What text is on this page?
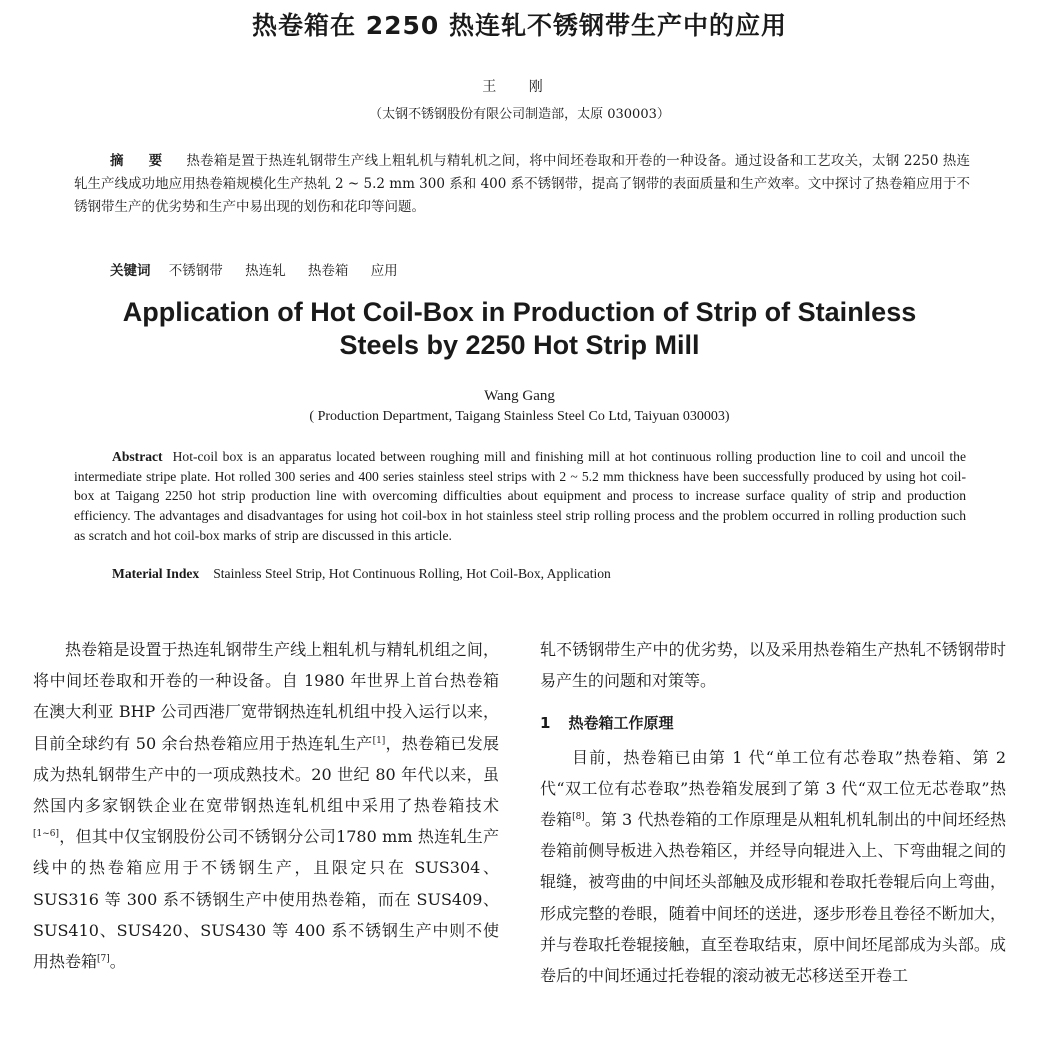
热卷箱在 2250 热连轧不锈钢带生产中的应用
王 刚
（太钢不锈钢股份有限公司制造部，太原 030003）
摘 要 热卷箱是置于热连轧钢带生产线上粗轧机与精轧机之间，将中间坯卷取和开卷的一种设备。通过设备和工艺攻关，太钢 2250 热连轧生产线成功地应用热卷箱规模化生产热轧 2 ~ 5.2 mm 300 系和 400 系不锈钢带，提高了钢带的表面质量和生产效率。文中探讨了热卷箱应用于不锈钢带生产的优劣势和生产中易出现的划伤和花印等问题。
关键词 不锈钢带 热连轧 热卷箱 应用
Application of Hot Coil-Box in Production of Strip of Stainless
Steels by 2250 Hot Strip Mill
Wang Gang
( Production Department, Taigang Stainless Steel Co Ltd, Taiyuan 030003)
Abstract Hot-coil box is an apparatus located between roughing mill and finishing mill at hot continuous rolling production line to coil and uncoil the intermediate stripe plate. Hot rolled 300 series and 400 series stainless steel strips with 2 ~ 5.2 mm thickness have been successfully produced by using hot coil-box at Taigang 2250 hot strip production line with overcoming difficulties about equipment and process to increase surface quality of strip and production efficiency. The advantages and disadvantages for using hot coil-box in hot stainless steel strip rolling process and the problem occurred in rolling production such as scratch and hot coil-box marks of strip are discussed in this article.
Material Index Stainless Steel Strip, Hot Continuous Rolling, Hot Coil-Box, Application

热卷箱是设置于热连轧钢带生产线上粗轧机与精轧机组之间，将中间坯卷取和开卷的一种设备。自 1980 年世界上首台热卷箱在澳大利亚 BHP 公司西港厂宽带钢热连轧机组中投入运行以来，目前全球约有 50 余台热卷箱应用于热连轧生产[1]，热卷箱已发展成为热轧钢带生产中的一项成熟技术。20 世纪 80 年代以来，虽然国内多家钢铁企业在宽带钢热连轧机组中采用了热卷箱技术[1~6]，但其中仅宝钢股份公司不锈钢分公司1780 mm 热连轧生产线中的热卷箱应用于不锈钢生产，且限定只在 SUS304、SUS316 等 300 系不锈钢生产中使用热卷箱，而在 SUS409、SUS410、SUS420、SUS430 等 400 系不锈钢生产中则不使用热卷箱[7]。

轧不锈钢带生产中的优劣势，以及采用热卷箱生产热轧不锈钢带时易产生的问题和对策等。

1 热卷箱工作原理

目前，热卷箱已由第 1 代“单工位有芯卷取”热卷箱、第 2 代“双工位有芯卷取”热卷箱发展到了第 3 代“双工位无芯卷取”热卷箱[8]。第 3 代热卷箱的工作原理是从粗轧机轧制出的中间坯经热卷箱前侧导板进入热卷箱区，并经导向辊进入上、下弯曲辊之间的辊缝，被弯曲的中间坯头部触及成形辊和卷取托卷辊后向上弯曲，形成完整的卷眼，随着中间坯的送进，逐步形卷且卷径不断加大，并与卷取托卷辊接触，直至卷取结束，原中间坯尾部成为头部。成卷后的中间坯通过托卷辊的滚动被无芯移送至开卷工
